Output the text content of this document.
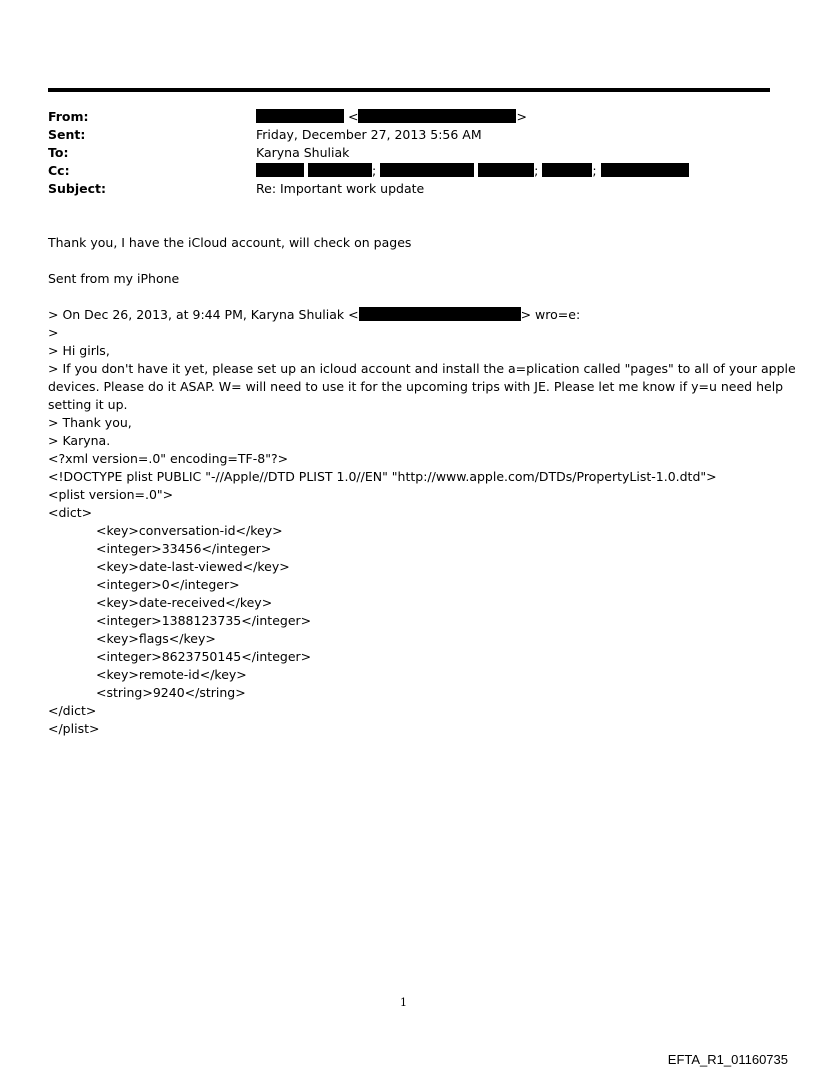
From:	<	>
Sent:	Friday, December 27, 2013 5:56 AM
To:	Karyna Shuliak
Cc:	;	;	;
Subject:	Re: Important work update
Thank you, I have the iCloud account, will check on pages
Sent from my iPhone
> On Dec 26, 2013, at 9:44 PM, Karyna Shuliak <	> wro=e:
>
> Hi girls,
> If you don't have it yet, please set up an icloud account and install the a=plication called "pages" to all of your apple
devices. Please do it ASAP. W= will need to use it for the upcoming trips with JE. Please let me know if y=u need help
setting it up.
> Thank you,
> Karyna.
<?xml version=.0" encoding=TF-8"?>
<!DOCTYPE plist PUBLIC "-//Apple//DTD PLIST 1.0//EN" "http://www.apple.com/DTDs/PropertyList-1.0.dtd">
<plist version=.0">
<dict>
<key>conversation-id</key>
<integer>33456</integer>
<key>date-last-viewed</key>
<integer>0</integer>
<key>date-received</key>
<integer>1388123735</integer>
<key>flags</key>
<integer>8623750145</integer>
<key>remote-id</key>
<string>9240</string>
</dict>
</plist>
1
EFTA_R1_01160735
